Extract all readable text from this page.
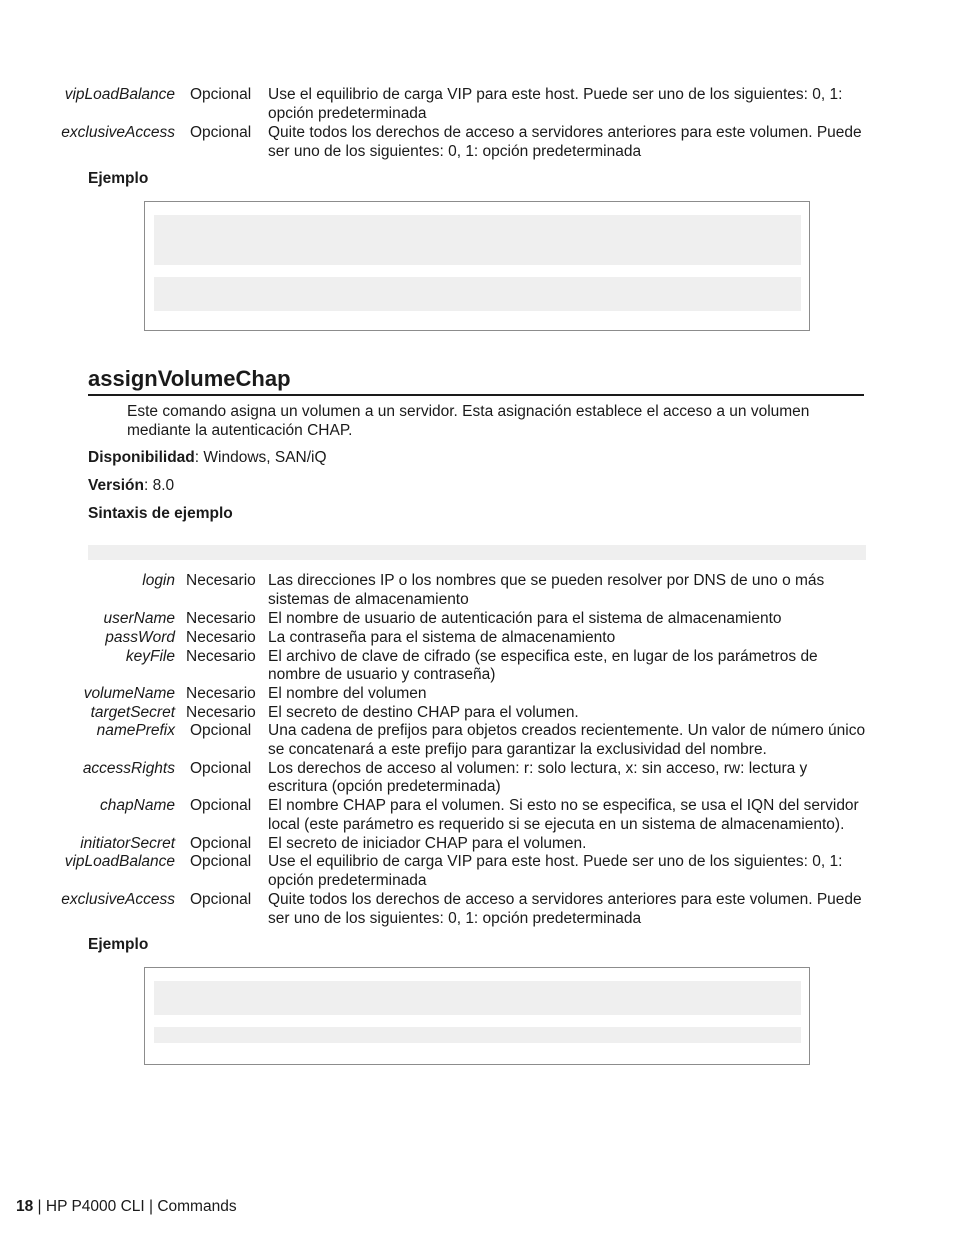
vipLoadBalance Opcional Use el equilibrio de carga VIP para este host. Puede ser uno de los siguientes: 0, 1: opción predeterminada
exclusiveAccess Opcional Quite todos los derechos de acceso a servidores anteriores para este volumen. Puede ser uno de los siguientes: 0, 1: opción predeterminada
Ejemplo
assignVolumeChap
Este comando asigna un volumen a un servidor. Esta asignación establece el acceso a un volumen mediante la autenticación CHAP.
Disponibilidad: Windows, SAN/iQ
Versión: 8.0
Sintaxis de ejemplo
login Necesario Las direcciones IP o los nombres que se pueden resolver por DNS de uno o más sistemas de almacenamiento
userName Necesario El nombre de usuario de autenticación para el sistema de almacenamiento
passWord Necesario La contraseña para el sistema de almacenamiento
keyFile Necesario El archivo de clave de cifrado (se especifica este, en lugar de los parámetros de nombre de usuario y contraseña)
volumeName Necesario El nombre del volumen
targetSecret Necesario El secreto de destino CHAP para el volumen.
namePrefix Opcional Una cadena de prefijos para objetos creados recientemente. Un valor de número único se concatenará a este prefijo para garantizar la exclusividad del nombre.
accessRights Opcional Los derechos de acceso al volumen: r: solo lectura, x: sin acceso, rw: lectura y escritura (opción predeterminada)
chapName Opcional El nombre CHAP para el volumen. Si esto no se especifica, se usa el IQN del servidor local (este parámetro es requerido si se ejecuta en un sistema de almacenamiento).
initiatorSecret Opcional El secreto de iniciador CHAP para el volumen.
vipLoadBalance Opcional Use el equilibrio de carga VIP para este host. Puede ser uno de los siguientes: 0, 1: opción predeterminada
exclusiveAccess Opcional Quite todos los derechos de acceso a servidores anteriores para este volumen. Puede ser uno de los siguientes: 0, 1: opción predeterminada
Ejemplo
18 | HP P4000 CLI | Commands
